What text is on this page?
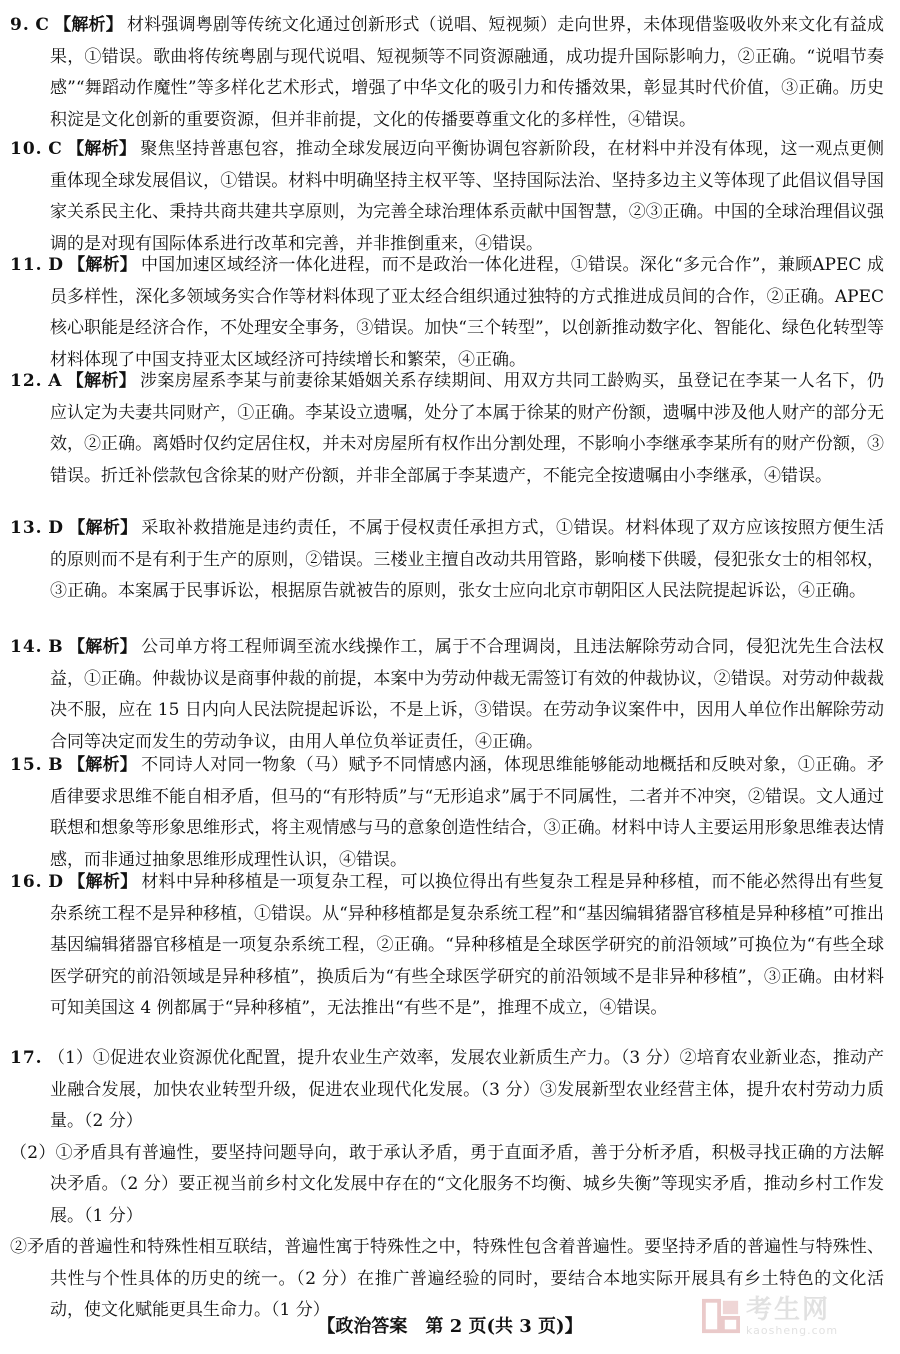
9. C 【解析】 材料强调粤剧等传统文化通过创新形式（说唱、短视频）走向世界，未体现借鉴吸收外来文化有益成果，①错误。歌曲将传统粤剧与现代说唱、短视频等不同资源融通，成功提升国际影响力，②正确。“说唱节奏感”“舞蹈动作魔性”等多样化艺术形式，增强了中华文化的吸引力和传播效果，彰显其时代价值，③正确。历史积淀是文化创新的重要资源，但并非前提，文化的传播要尊重文化的多样性，④错误。

10. C 【解析】 聚焦坚持普惠包容，推动全球发展迈向平衡协调包容新阶段，在材料中并没有体现，这一观点更侧重体现全球发展倡议，①错误。材料中明确坚持主权平等、坚持国际法治、坚持多边主义等体现了此倡议倡导国家关系民主化、秉持共商共建共享原则，为完善全球治理体系贡献中国智慧，②③正确。中国的全球治理倡议强调的是对现有国际体系进行改革和完善，并非推倒重来，④错误。

11. D 【解析】 中国加速区域经济一体化进程，而不是政治一体化进程，①错误。深化“多元合作”，兼顾APEC 成员多样性，深化多领域务实合作等材料体现了亚太经合组织通过独特的方式推进成员间的合作，②正确。APEC 核心职能是经济合作，不处理安全事务，③错误。加快“三个转型”，以创新推动数字化、智能化、绿色化转型等材料体现了中国支持亚太区域经济可持续增长和繁荣，④正确。

12. A 【解析】 涉案房屋系李某与前妻徐某婚姻关系存续期间、用双方共同工龄购买，虽登记在李某一人名下，仍应认定为夫妻共同财产，①正确。李某设立遗嘱，处分了本属于徐某的财产份额，遗嘱中涉及他人财产的部分无效，②正确。离婚时仅约定居住权，并未对房屋所有权作出分割处理，不影响小李继承李某所有的财产份额，③错误。折迁补偿款包含徐某的财产份额，并非全部属于李某遗产，不能完全按遗嘱由小李继承，④错误。

13. D 【解析】 采取补救措施是违约责任，不属于侵权责任承担方式，①错误。材料体现了双方应该按照方便生活的原则而不是有利于生产的原则，②错误。三楼业主擅自改动共用管路，影响楼下供暖，侵犯张女士的相邻权，③正确。本案属于民事诉讼，根据原告就被告的原则，张女士应向北京市朝阳区人民法院提起诉讼，④正确。

14. B 【解析】 公司单方将工程师调至流水线操作工，属于不合理调岗，且违法解除劳动合同，侵犯沈先生合法权益，①正确。仲裁协议是商事仲裁的前提，本案中为劳动仲裁无需签订有效的仲裁协议，②错误。对劳动仲裁裁决不服，应在 15 日内向人民法院提起诉讼，不是上诉，③错误。在劳动争议案件中，因用人单位作出解除劳动合同等决定而发生的劳动争议，由用人单位负举证责任，④正确。

15. B 【解析】 不同诗人对同一物象（马）赋予不同情感内涵，体现思维能够能动地概括和反映对象，①正确。矛盾律要求思维不能自相矛盾，但马的“有形特质”与“无形追求”属于不同属性，二者并不冲突，②错误。文人通过联想和想象等形象思维形式，将主观情感与马的意象创造性结合，③正确。材料中诗人主要运用形象思维表达情感，而非通过抽象思维形成理性认识，④错误。

16. D 【解析】 材料中异种移植是一项复杂工程，可以换位得出有些复杂工程是异种移植，而不能必然得出有些复杂系统工程不是异种移植，①错误。从“异种移植都是复杂系统工程”和“基因编辑猪器官移植是异种移植”可推出基因编辑猪器官移植是一项复杂系统工程，②正确。“异种移植是全球医学研究的前沿领域”可换位为“有些全球医学研究的前沿领域是异种移植”，换质后为“有些全球医学研究的前沿领域不是非异种移植”，③正确。由材料可知美国这 4 例都属于“异种移植”，无法推出“有些不是”，推理不成立，④错误。

17. （1）①促进农业资源优化配置，提升农业生产效率，发展农业新质生产力。（3 分）②培育农业新业态，推动产业融合发展，加快农业转型升级，促进农业现代化发展。（3 分）③发展新型农业经营主体，提升农村劳动力质量。（2 分）

（2）①矛盾具有普遍性，要坚持问题导向，敢于承认矛盾，勇于直面矛盾，善于分析矛盾，积极寻找正确的方法解决矛盾。（2 分）要正视当前乡村文化发展中存在的“文化服务不均衡、城乡失衡”等现实矛盾，推动乡村工作发展。（1 分）

②矛盾的普遍性和特殊性相互联结，普遍性寓于特殊性之中，特殊性包含着普遍性。要坚持矛盾的普遍性与特殊性、共性与个性具体的历史的统一。（2 分）在推广普遍经验的同时，要结合本地实际开展具有乡土特色的文化活动，使文化赋能更具生命力。（1 分）

【政治答案　第 2 页(共 3 页)】
考生网
kaosheng.com
